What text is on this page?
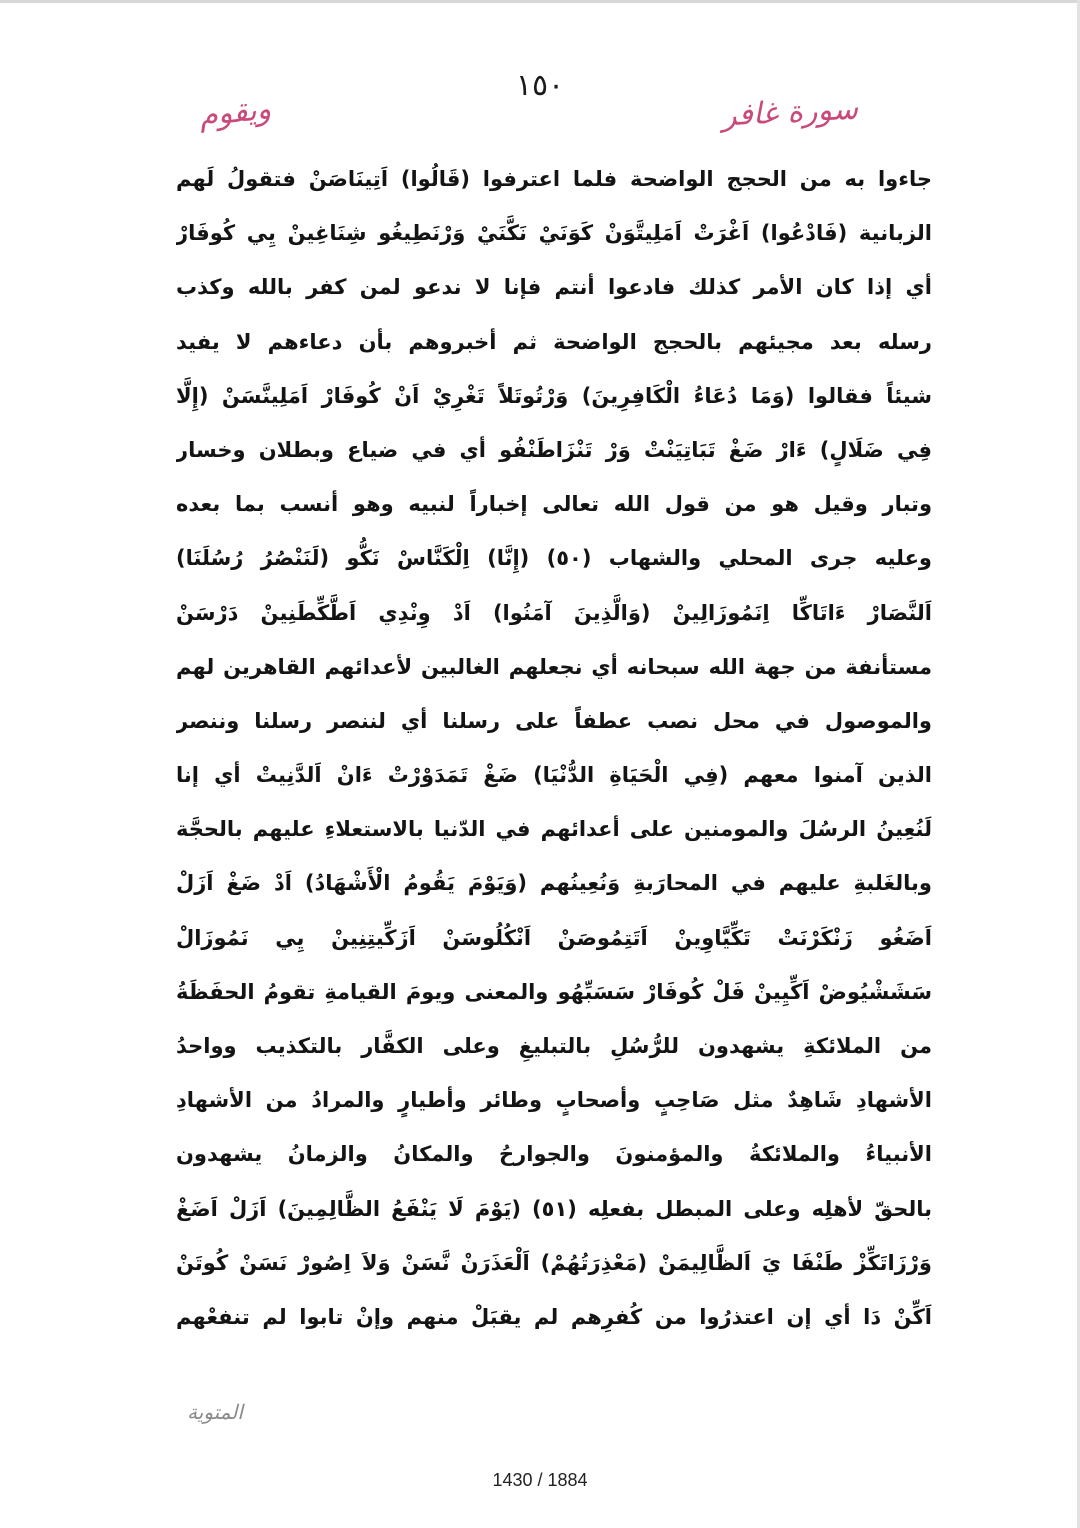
١٥٠
سورة غافر
ويقوم
جاءوا به من الحجج الواضحة فلما اعترفوا (قَالُوا) اَتِينَاصَنْ فتقولُ لَهم
الزبانية (فَادْعُوا) اَغْرَتْ اَمَلِيتَّوَنْ كَوَنَيْ نَكَّنَيْ وَرْنَطِيغُو شِنَاغِينْ يِي كُوفَارْ
أي إذا كان الأمر كذلك فادعوا أنتم فإنا لا ندعو لمن كفر بالله وكذب
رسله بعد مجيئهم بالحجج الواضحة ثم أخبروهم بأن دعاءهم لا يفيد
شيئاً فقالوا (وَمَا دُعَاءُ الْكَافِرِينَ) وَرْتُوتَلاً تَغْرِيْ اَنْ كُوفَارْ اَمَلِينَّسَنْ (إِلَّا
فِي ضَلَالٍ) ءَارْ ضَغْ تَبَاتِيَنْتْ وَرْ تَنْزَاطَنْفُو أي في ضياع وبطلان وخسار
وتبار وقيل هو من قول الله تعالى إخباراً لنبيه وهو أنسب بما بعده
وعليه جرى المحلي والشهاب (٥٠) (إِنَّا) اِلْكَنَّاسْ نَكُّو (لَنَنْصُرُ رُسُلَنَا)
اَلنَّصَارْ ءَاتَاكِّا اِنَمُوزَالِينْ (وَالَّذِينَ آمَنُوا) اَدْ وِنْدِي اَطَّكِّطَنِينْ دَرْسَنْ
مستأنفة من جهة الله سبحانه أي نجعلهم الغالبين لأعدائهم القاهرين لهم
والموصول في محل نصب عطفاً على رسلنا أي لننصر رسلنا وننصر
الذين آمنوا معهم (فِي الْحَيَاةِ الدُّنْيَا) ضَغْ تَمَدَوْرْتْ ءَانْ اَلدَّنِيتْ أي إنا
لَنُعِينُ الرسُلَ والمومنين على أعدائهم في الدّنيا بالاستعلاءِ عليهم بالحجَّة
وبالغَلبةِ عليهم في المحارَبةِ وَنُعِينُهم (وَيَوْمَ يَقُومُ الْأَشْهَادُ) اَدْ ضَغْ اَزَلْ
اَضَغُو زَنْكَرْنَتْ تَكِّيَّاوِينْ اَتَتِمُوصَنْ اَنْكُلُوسَنْ اَزَكِّيتِنِينْ يِي نَمُوزَالْ
سَشَشْيُوضْ اَكِّيِينْ فَلْ كُوفَارْ سَسَبِّهُو والمعنى ويومَ القيامةِ تقومُ الحفَظَةُ
من الملائكةِ يشهدون للرُّسُلِ بالتبليغِ وعلى الكفَّار بالتكذيب وواحدُ
الأشهادِ شَاهِدٌ مثل صَاحِبٍ وأصحابٍ وطائر وأطيارٍ والمرادُ من الأشهادِ
الأنبياءُ والملائكةُ والمؤمنونَ والجوارحُ والمكانُ والزمانُ يشهدون
بالحقّ لأهلِه وعلى المبطل بفعلِه (٥١) (يَوْمَ لَا يَنْفَعُ الظَّالِمِينَ) اَزَلْ اَضَغْ
وَرْزَاتَكِّزْ طَنْفَا يَ اَلظَّالِيمَنْ (مَعْذِرَتُهُمْ) اَلْعَذَرَنْ نَّسَنْ وَلاَ اِصُورْ نَسَنْ كُوتَنْ
اَكِّنْ دَا أي إن اعتذرُوا من كُفرِهم لم يقبَلْ منهم وإنْ تابوا لم تنفعْهم
المتوية
1430 / 1884
